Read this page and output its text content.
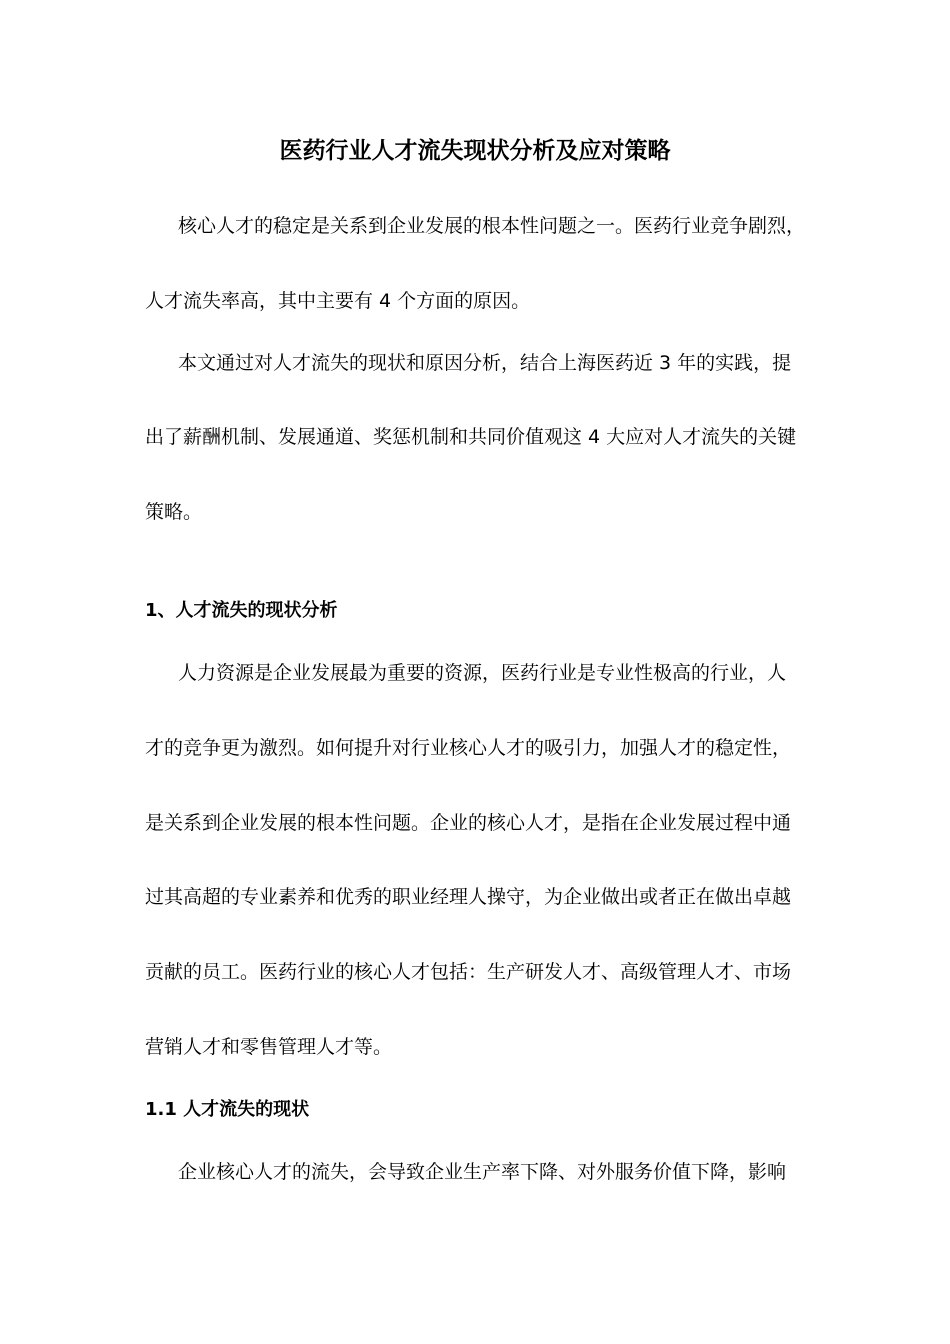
医药行业人才流失现状分析及应对策略
核心人才的稳定是关系到企业发展的根本性问题之一。医药行业竞争剧烈，
人才流失率高，其中主要有 4 个方面的原因。
本文通过对人才流失的现状和原因分析，结合上海医药近 3 年的实践，提
出了薪酬机制、发展通道、奖惩机制和共同价值观这 4 大应对人才流失的关键
策略。
1、人才流失的现状分析
人力资源是企业发展最为重要的资源，医药行业是专业性极高的行业，人
才的竞争更为激烈。如何提升对行业核心人才的吸引力，加强人才的稳定性，
是关系到企业发展的根本性问题。企业的核心人才，是指在企业发展过程中通
过其高超的专业素养和优秀的职业经理人操守，为企业做出或者正在做出卓越
贡献的员工。医药行业的核心人才包括：生产研发人才、高级管理人才、市场
营销人才和零售管理人才等。
1.1 人才流失的现状
企业核心人才的流失，会导致企业生产率下降、对外服务价值下降，影响
